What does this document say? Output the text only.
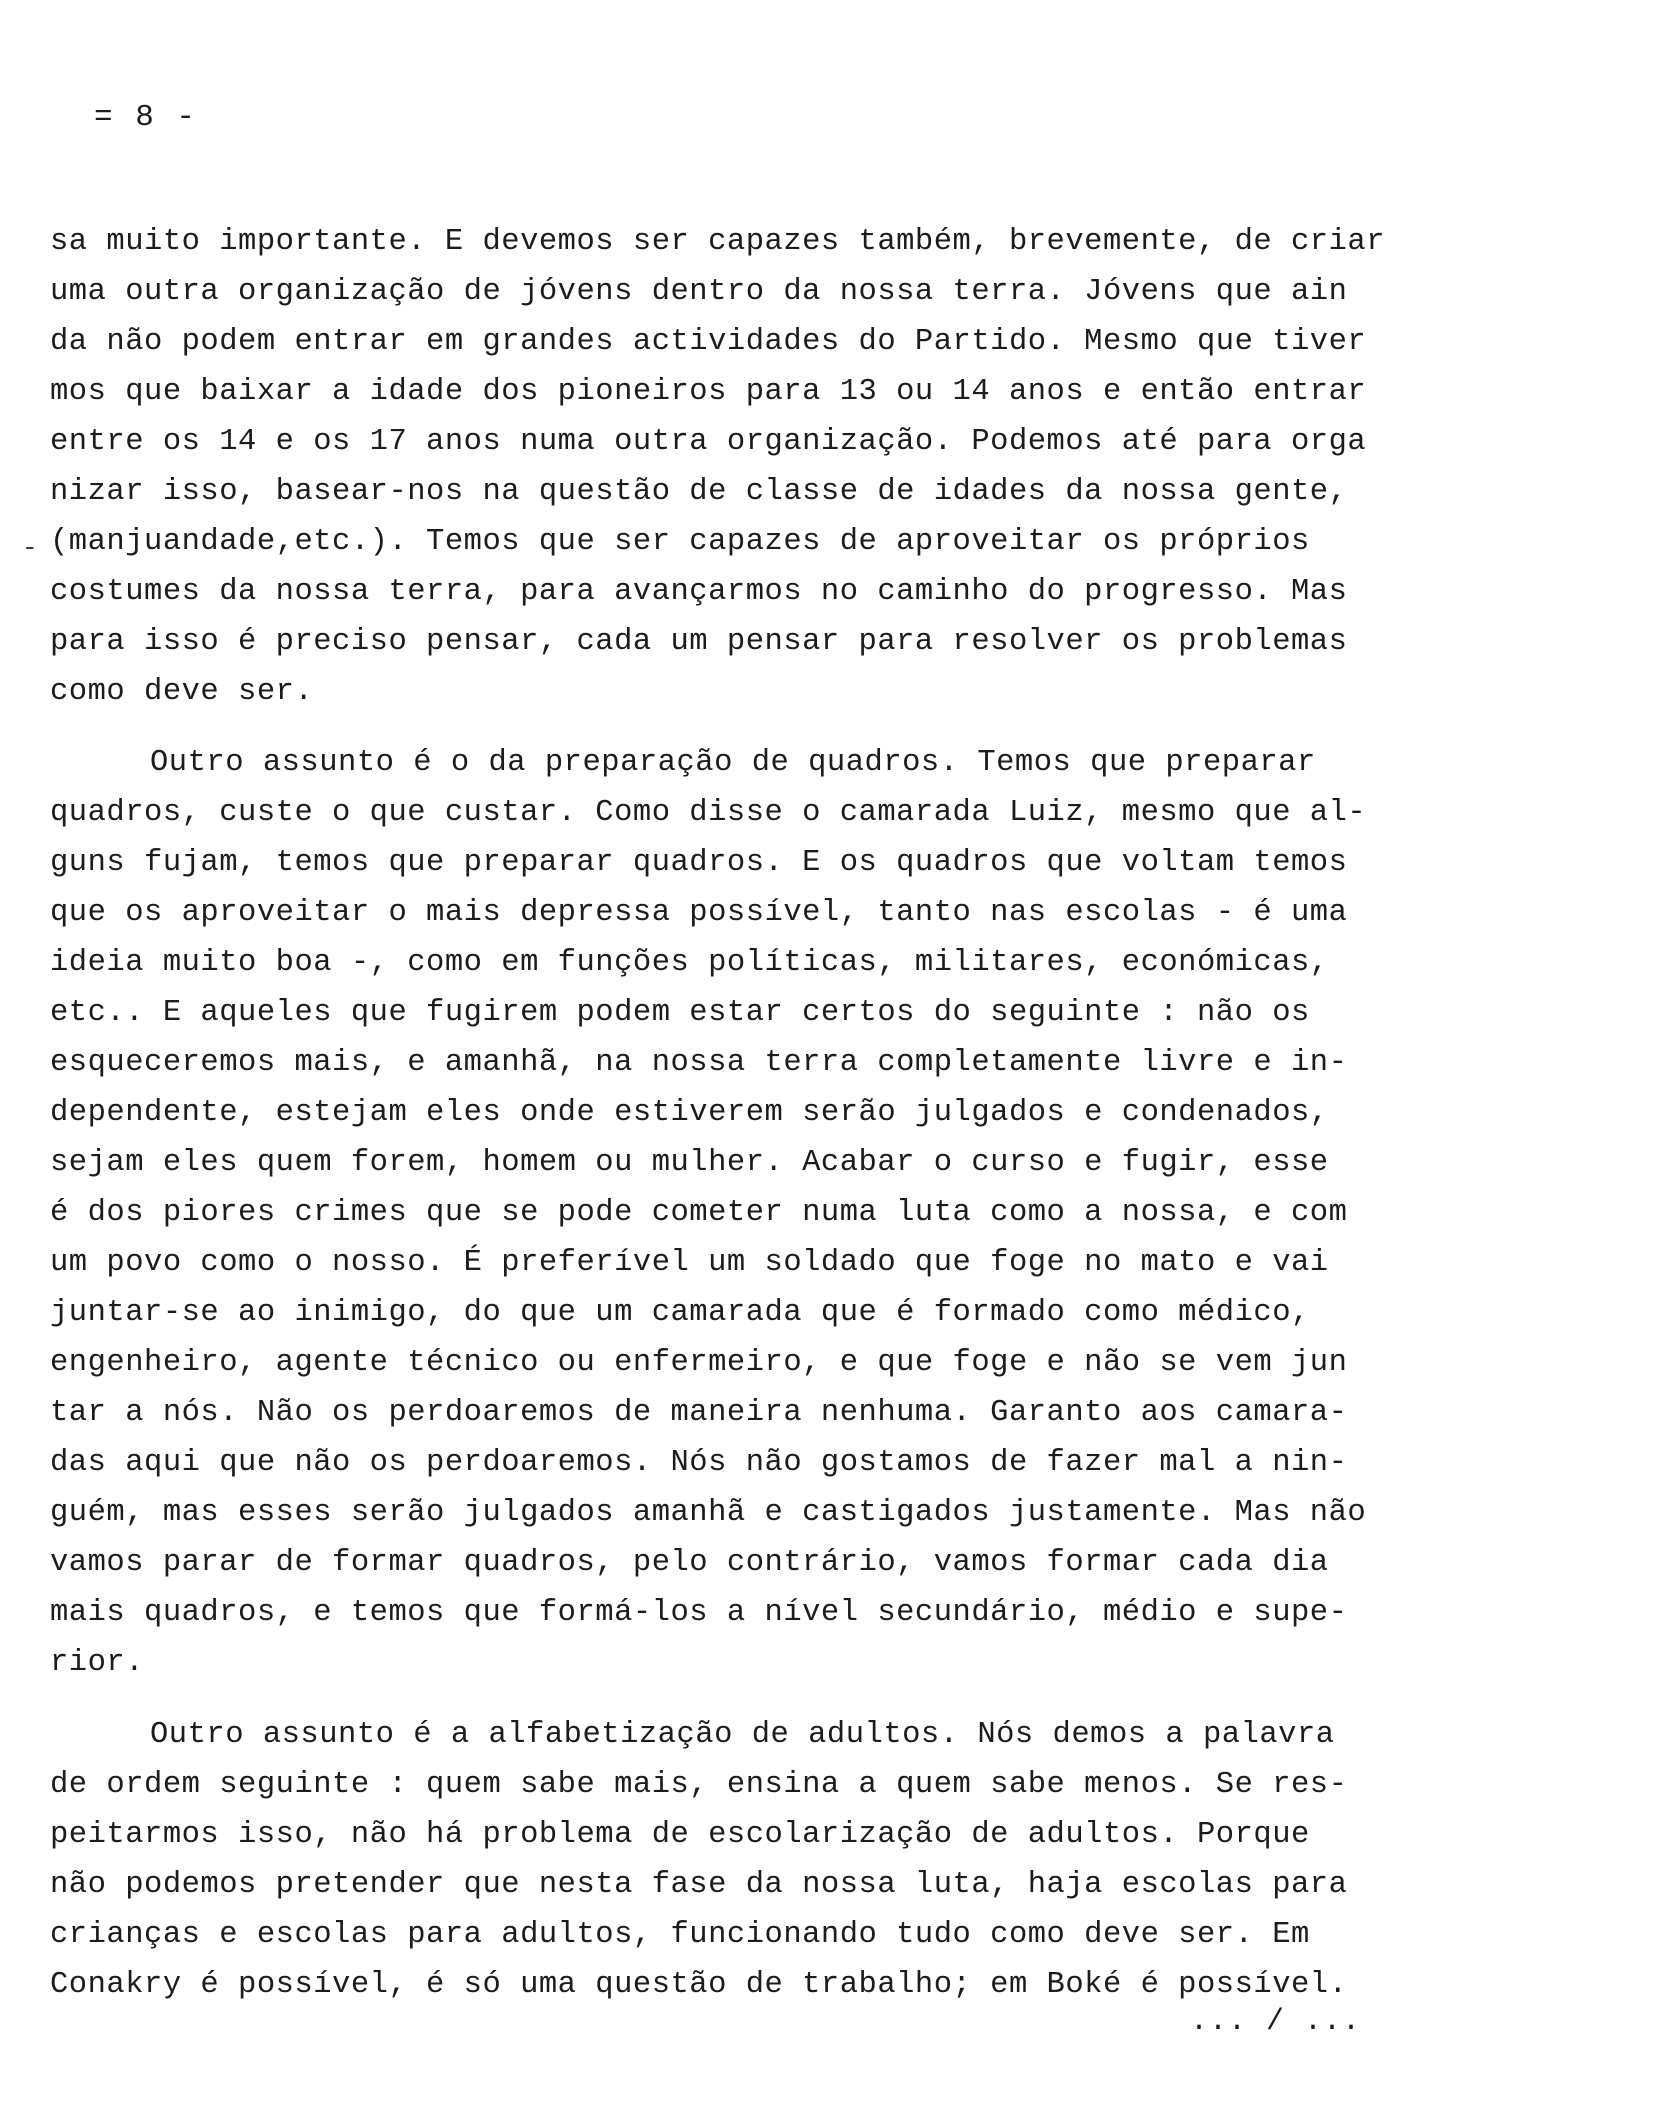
= 8 -
sa muito importante. E devemos ser capazes também, brevemente, de criar
uma outra organização de jóvens dentro da nossa terra. Jóvens que ain
da não podem entrar em grandes actividades do Partido. Mesmo que tiver
mos que baixar a idade dos pioneiros para 13 ou 14 anos e então entrar
entre os 14 e os 17 anos numa outra organização. Podemos até para orga
nizar isso, basear-nos na questão de classe de idades da nossa gente,
(manjuandade,etc.). Temos que ser capazes de aproveitar os próprios
costumes da nossa terra, para avançarmos no caminho do progresso. Mas
para isso é preciso pensar, cada um pensar para resolver os problemas
como deve ser.
Outro assunto é o da preparação de quadros. Temos que preparar
quadros, custe o que custar. Como disse o camarada Luiz, mesmo que al-
guns fujam, temos que preparar quadros. E os quadros que voltam temos
que os aproveitar o mais depressa possível, tanto nas escolas - é uma
ideia muito boa -, como em funções políticas, militares, económicas,
etc.. E aqueles que fugirem podem estar certos do seguinte : não os
esqueceremos mais, e amanhã, na nossa terra completamente livre e in-
dependente, estejam eles onde estiverem serão julgados e condenados,
sejam eles quem forem, homem ou mulher. Acabar o curso e fugir, esse
é dos piores crimes que se pode cometer numa luta como a nossa, e com
um povo como o nosso. É preferível um soldado que foge no mato e vai
juntar-se ao inimigo, do que um camarada que é formado como médico,
engenheiro, agente técnico ou enfermeiro, e que foge e não se vem jun
tar a nós. Não os perdoaremos de maneira nenhuma. Garanto aos camara-
das aqui que não os perdoaremos. Nós não gostamos de fazer mal a nin-
guém, mas esses serão julgados amanhã e castigados justamente. Mas não
vamos parar de formar quadros, pelo contrário, vamos formar cada dia
mais quadros, e temos que formá-los a nível secundário, médio e supe-
rior.
Outro assunto é a alfabetização de adultos. Nós demos a palavra
de ordem seguinte : quem sabe mais, ensina a quem sabe menos. Se res-
peitarmos isso, não há problema de escolarização de adultos. Porque
não podemos pretender que nesta fase da nossa luta, haja escolas para
crianças e escolas para adultos, funcionando tudo como deve ser. Em
Conakry é possível, é só uma questão de trabalho; em Boké é possível.
... / ...
-
